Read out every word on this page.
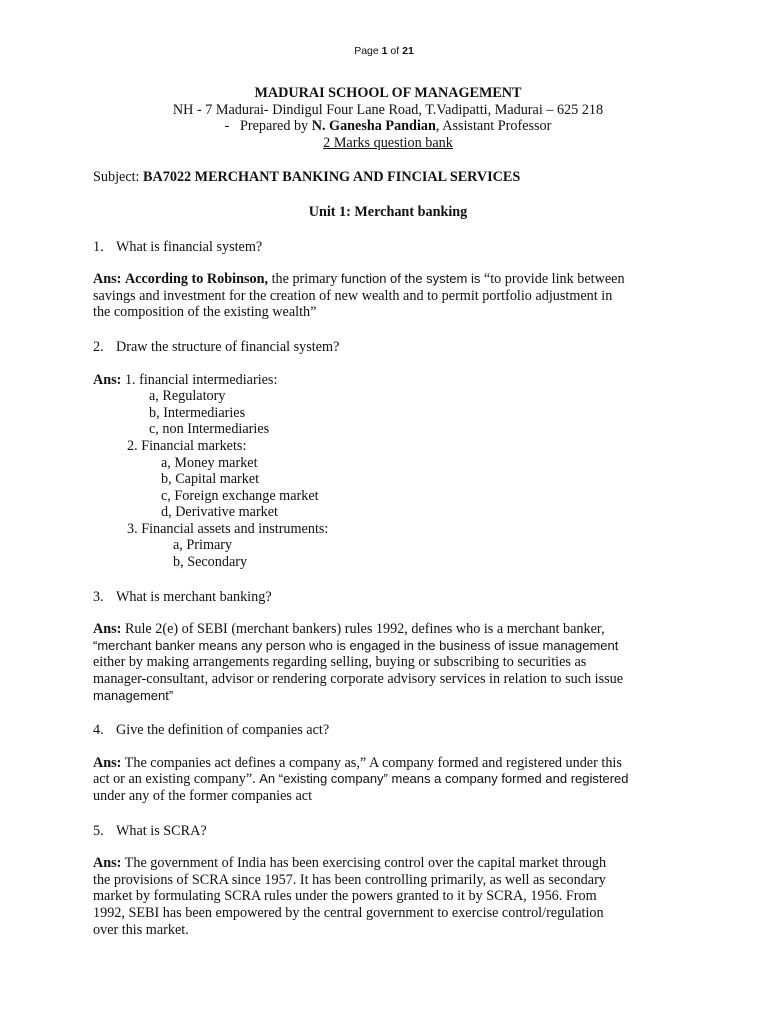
Page 1 of 21

MADURAI SCHOOL OF MANAGEMENT

NH - 7 Madurai- Dindigul Four Lane Road, T.Vadipatti, Madurai – 625 218

-   Prepared by N. Ganesha Pandian, Assistant Professor

2 Marks question bank

Subject: BA7022 MERCHANT BANKING AND FINCIAL SERVICES

Unit 1: Merchant banking

1. What is financial system?

Ans: According to Robinson, the primary function of the system is “to provide link between

savings and investment for the creation of new wealth and to permit portfolio adjustment in

the composition of the existing wealth”

2. Draw the structure of financial system?

Ans: 1. financial intermediaries:

a, Regulatory

b, Intermediaries

c, non Intermediaries

2. Financial markets:

a, Money market

b, Capital market

c, Foreign exchange market

d, Derivative market

3. Financial assets and instruments:

a, Primary

b, Secondary

3. What is merchant banking?

Ans: Rule 2(e) of SEBI (merchant bankers) rules 1992, defines who is a merchant banker,

“merchant banker means any person who is engaged in the business of issue management

either by making arrangements regarding selling, buying or subscribing to securities as

manager-consultant, advisor or rendering corporate advisory services in relation to such issue

management”

4. Give the definition of companies act?

Ans: The companies act defines a company as,” A company formed and registered under this

act or an existing company”. An “existing company” means a company formed and registered

under any of the former companies act

5. What is SCRA?

Ans: The government of India has been exercising control over the capital market through

the provisions of SCRA since 1957. It has been controlling primarily, as well as secondary

market by formulating SCRA rules under the powers granted to it by SCRA, 1956. From

1992, SEBI has been empowered by the central government to exercise control/regulation

over this market.
